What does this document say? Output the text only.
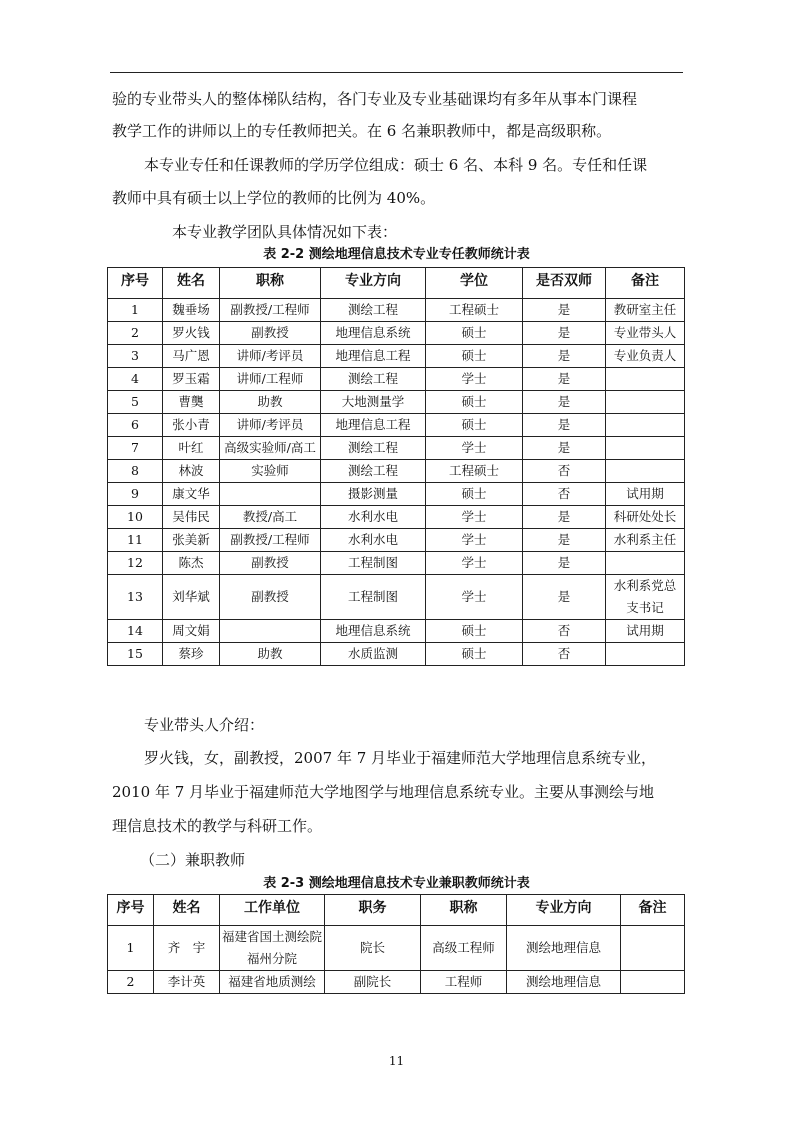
验的专业带头人的整体梯队结构，各门专业及专业基础课均有多年从事本门课程
教学工作的讲师以上的专任教师把关。在 6 名兼职教师中，都是高级职称。
本专业专任和任课教师的学历学位组成：硕士 6 名、本科 9 名。专任和任课
教师中具有硕士以上学位的教师的比例为 40%。
本专业教学团队具体情况如下表：
表 2-2 测绘地理信息技术专业专任教师统计表
序号	姓名	职称	专业方向	学位	是否双师	备注
1	魏垂场	副教授/工程师	测绘工程	工程硕士	是	教研室主任
2	罗火钱	副教授	地理信息系统	硕士	是	专业带头人
3	马广恩	讲师/考评员	地理信息工程	硕士	是	专业负责人
4	罗玉霜	讲师/工程师	测绘工程	学士	是	
5	曹龑	助教	大地测量学	硕士	是	
6	张小青	讲师/考评员	地理信息工程	硕士	是	
7	叶红	高级实验师/高工	测绘工程	学士	是	
8	林波	实验师	测绘工程	工程硕士	否	
9	康文华		摄影测量	硕士	否	试用期
10	吴伟民	教授/高工	水利水电	学士	是	科研处处长
11	张美新	副教授/工程师	水利水电	学士	是	水利系主任
12	陈杰	副教授	工程制图	学士	是	
13	刘华斌	副教授	工程制图	学士	是	水利系党总支书记
14	周文娟		地理信息系统	硕士	否	试用期
15	蔡珍	助教	水质监测	硕士	否	
专业带头人介绍：
罗火钱，女，副教授，2007 年 7 月毕业于福建师范大学地理信息系统专业，
2010 年 7 月毕业于福建师范大学地图学与地理信息系统专业。主要从事测绘与地
理信息技术的教学与科研工作。
（二）兼职教师
表 2-3 测绘地理信息技术专业兼职教师统计表
序号	姓名	工作单位	职务	职称	专业方向	备注
1	齐　宇	福建省国土测绘院福州分院	院长	高级工程师	测绘地理信息	
2	李计英	福建省地质测绘	副院长	工程师	测绘地理信息	
11
